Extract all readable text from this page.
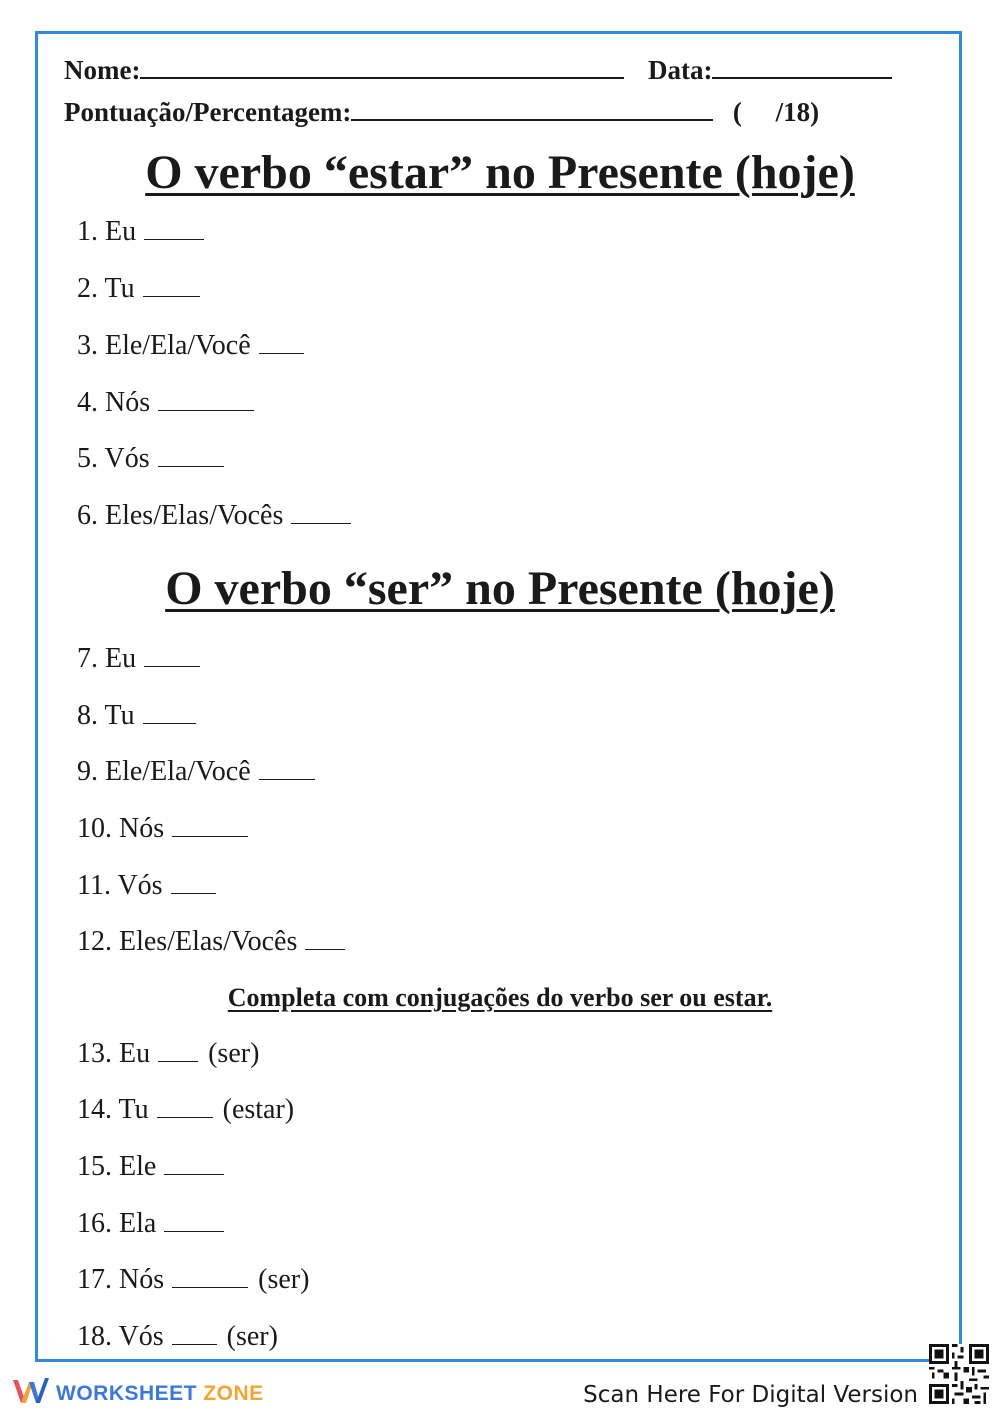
Nome:	Data:
Pontuação/Percentagem:	(     /18)
O verbo “estar” no Presente (hoje)
O verbo “ser” no Presente (hoje)
Completa com conjugações do verbo ser ou estar.
1. Eu
2. Tu
3. Ele/Ela/Você
4. Nós
5. Vós
6. Eles/Elas/Vocês
7. Eu
8. Tu
9. Ele/Ela/Você
10. Nós
11. Vós
12. Eles/Elas/Vocês
13. Eu (ser)
14. Tu	(estar)
15. Ele
16. Ela
17. Nós	(ser)
18. Vós (ser)
WORKSHEET ZONE	Scan Here For Digital Version
